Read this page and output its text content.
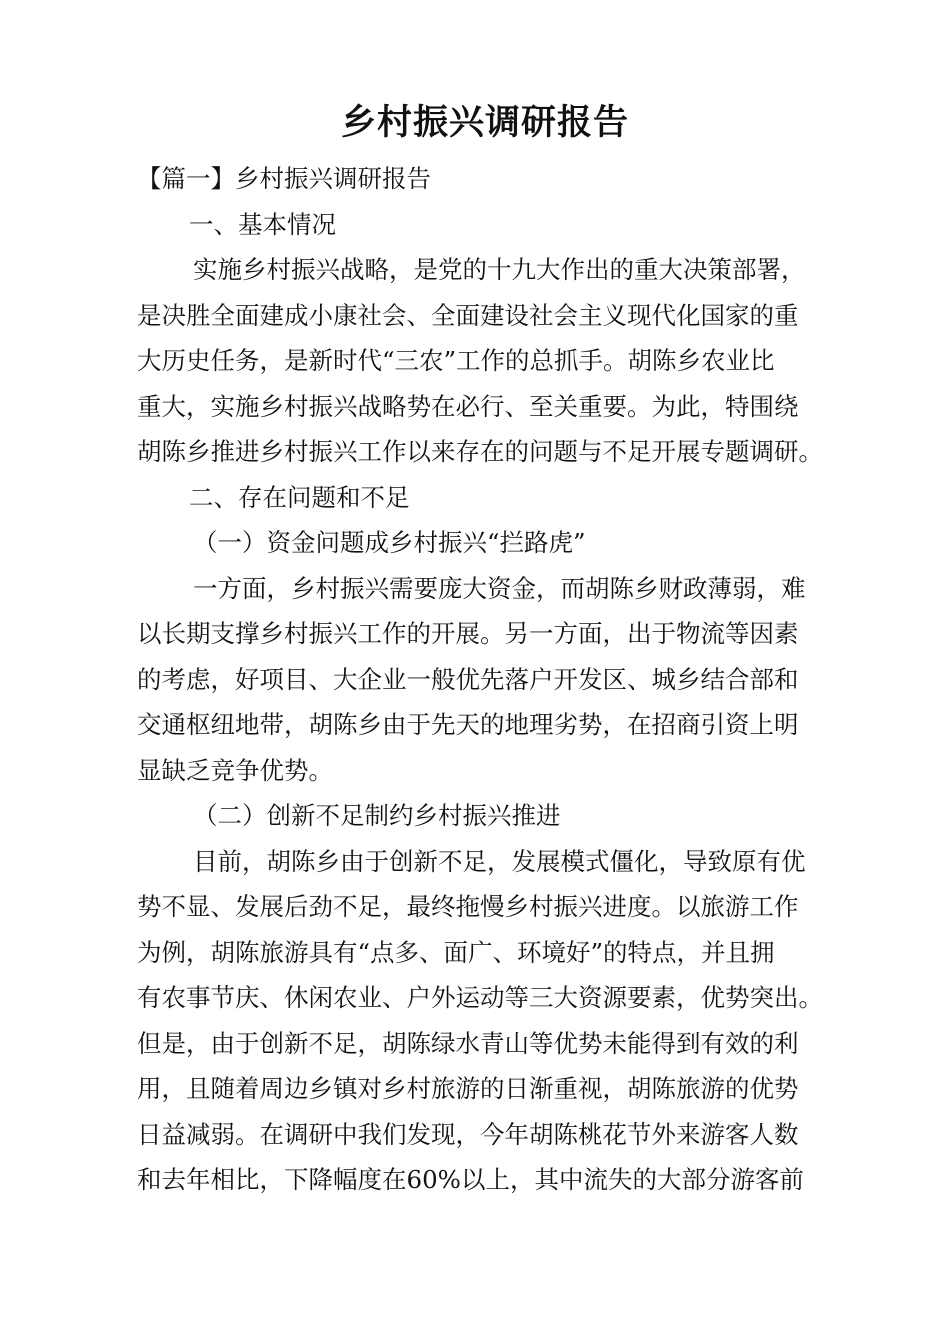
乡村振兴调研报告
【篇一】乡村振兴调研报告
一、基本情况
实施乡村振兴战略，是党的十九大作出的重大决策部署，
是决胜全面建成小康社会、全面建设社会主义现代化国家的重
大历史任务，是新时代“三农”工作的总抓手。胡陈乡农业比
重大，实施乡村振兴战略势在必行、至关重要。为此，特围绕
胡陈乡推进乡村振兴工作以来存在的问题与不足开展专题调研。
二、存在问题和不足
（一）资金问题成乡村振兴“拦路虎”
一方面，乡村振兴需要庞大资金，而胡陈乡财政薄弱，难
以长期支撑乡村振兴工作的开展。另一方面，出于物流等因素
的考虑，好项目、大企业一般优先落户开发区、城乡结合部和
交通枢纽地带，胡陈乡由于先天的地理劣势，在招商引资上明
显缺乏竞争优势。
（二）创新不足制约乡村振兴推进
目前，胡陈乡由于创新不足，发展模式僵化，导致原有优
势不显、发展后劲不足，最终拖慢乡村振兴进度。以旅游工作
为例，胡陈旅游具有“点多、面广、环境好”的特点，并且拥
有农事节庆、休闲农业、户外运动等三大资源要素，优势突出。
但是，由于创新不足，胡陈绿水青山等优势未能得到有效的利
用，且随着周边乡镇对乡村旅游的日渐重视，胡陈旅游的优势
日益减弱。在调研中我们发现，今年胡陈桃花节外来游客人数
和去年相比，下降幅度在60%以上，其中流失的大部分游客前
